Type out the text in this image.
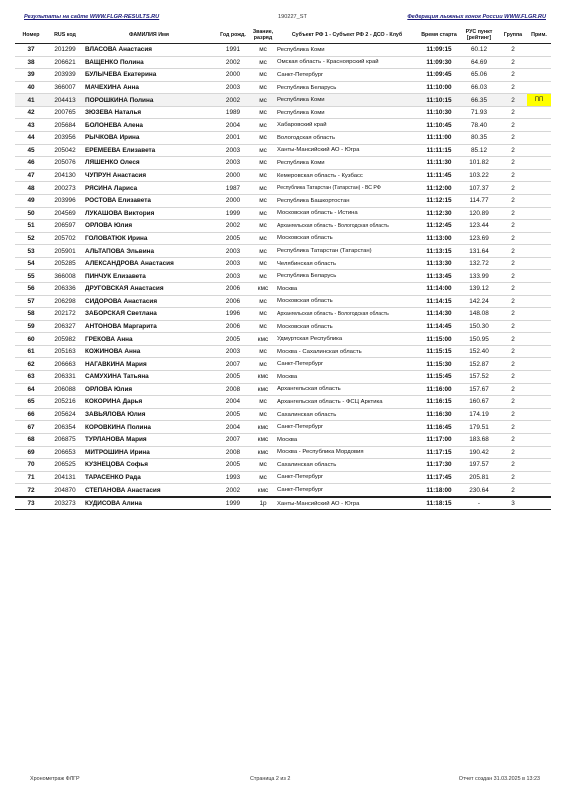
Результаты на сайте WWW.FLGR-RESULTS.RU	190227_ST	Федерация лыжных гонок России WWW.FLGR.RU
Номер	RUS код	ФАМИЛИЯ Имя	Год рожд.	Звание, разряд	Субъект РФ 1 - Субъект РФ 2 - ДСО - Клуб	Время старта	РУС пункт [рейтинг]	Группа	Прим.
37	201299	ВЛАСОВА Анастасия	1991	мс	Республика Коми	11:09:15	60.12	2	
38	206621	ВАЩЕНКО Полина	2002	мс	Омская область - Красноярский край	11:09:30	64.69	2	
39	203939	БУЛЫЧЕВА Екатерина	2000	мс	Санкт-Петербург	11:09:45	65.06	2	
40	366007	МАЧЕХИНА Анна	2003	мс	Республика Беларусь	11:10:00	66.03	2	
41	204413	ПОРОШКИНА Полина	2002	мс	Республика Коми	11:10:15	66.35	2	ПП
42	200765	ЗЮЗЕВА Наталья	1989	мс	Республика Коми	11:10:30	71.93	2	
43	205684	БОЛОНЕВА Алена	2004	мс	Хабаровский край	11:10:45	78.40	2	
44	203956	РЫЧКОВА Ирина	2001	мс	Вологодская область	11:11:00	80.35	2	
45	205042	ЕРЕМЕЕВА Елизавета	2003	мс	Ханты-Мансийский АО - Югра	11:11:15	85.12	2	
46	205076	ЛЯШЕНКО Олеся	2003	мс	Республика Коми	11:11:30	101.82	2	
47	204130	ЧУПРУН Анастасия	2000	мс	Кемеровская область - Кузбасс	11:11:45	103.22	2	
48	200273	РЯСИНА Лариса	1987	мс	Республика Татарстан (Татарстан) - ВС РФ	11:12:00	107.37	2	
49	203996	РОСТОВА Елизавета	2000	мс	Республика Башкортостан	11:12:15	114.77	2	
50	204569	ЛУКАШОВА Виктория	1999	мс	Московская область - Истина	11:12:30	120.89	2	
51	206597	ОРЛОВА Юлия	2002	мс	Архангельская область - Вологодская область	11:12:45	123.44	2	
52	205702	ГОЛОВАТЮК Ирина	2005	мс	Московская область	11:13:00	123.69	2	
53	205901	АЛЬТАПОВА Эльвина	2003	мс	Республика Татарстан (Татарстан)	11:13:15	131.64	2	
54	205285	АЛЕКСАНДРОВА Анастасия	2003	мс	Челябинская область	11:13:30	132.72	2	
55	366008	ПИНЧУК Елизавета	2003	мс	Республика Беларусь	11:13:45	133.99	2	
56	206336	ДРУГОВСКАЯ Анастасия	2006	кмс	Москва	11:14:00	139.12	2	
57	206298	СИДОРОВА Анастасия	2006	мс	Московская область	11:14:15	142.24	2	
58	202172	ЗАБОРСКАЯ Светлана	1996	мс	Архангельская область - Вологодская область	11:14:30	148.08	2	
59	206327	АНТОНОВА Маргарита	2006	мс	Московская область	11:14:45	150.30	2	
60	205982	ГРЕКОВА Анна	2005	кмс	Удмуртская Республика	11:15:00	150.95	2	
61	205163	КОЖИНОВА Анна	2003	мс	Москва - Сахалинская область	11:15:15	152.40	2	
62	206663	НАГАВКИНА Мария	2007	мс	Санкт-Петербург	11:15:30	152.87	2	
63	206331	САМУХИНА Татьяна	2005	кмс	Москва	11:15:45	157.52	2	
64	206088	ОРЛОВА Юлия	2008	кмс	Архангельская область	11:16:00	157.67	2	
65	205216	КОКОРИНА Дарья	2004	мс	Архангельская область - ФСЦ Арктика	11:16:15	160.67	2	
66	205624	ЗАВЬЯЛОВА Юлия	2005	мс	Сахалинская область	11:16:30	174.19	2	
67	206354	КОРОВКИНА Полина	2004	кмс	Санкт-Петербург	11:16:45	179.51	2	
68	206875	ТУРЛАНОВА Мария	2007	кмс	Москва	11:17:00	183.68	2	
69	206653	МИТРОШИНА Ирина	2008	кмс	Москва - Республика Мордовия	11:17:15	190.42	2	
70	206525	КУЗНЕЦОВА Софья	2005	мс	Сахалинская область	11:17:30	197.57	2	
71	204131	ТАРАСЕНКО Рада	1993	мс	Санкт-Петербург	11:17:45	205.81	2	
72	204870	СТЕПАНОВА Анастасия	2002	кмс	Санкт-Петербург	11:18:00	230.64	2	
73	203273	КУДИСОВА Алина	1999	1р	Ханты-Мансийский АО - Югра	11:18:15	-	3	
Хронометраж ФЛГР	Страница 2 из 2	Отчет создан 31.03.2025 в 13:23
